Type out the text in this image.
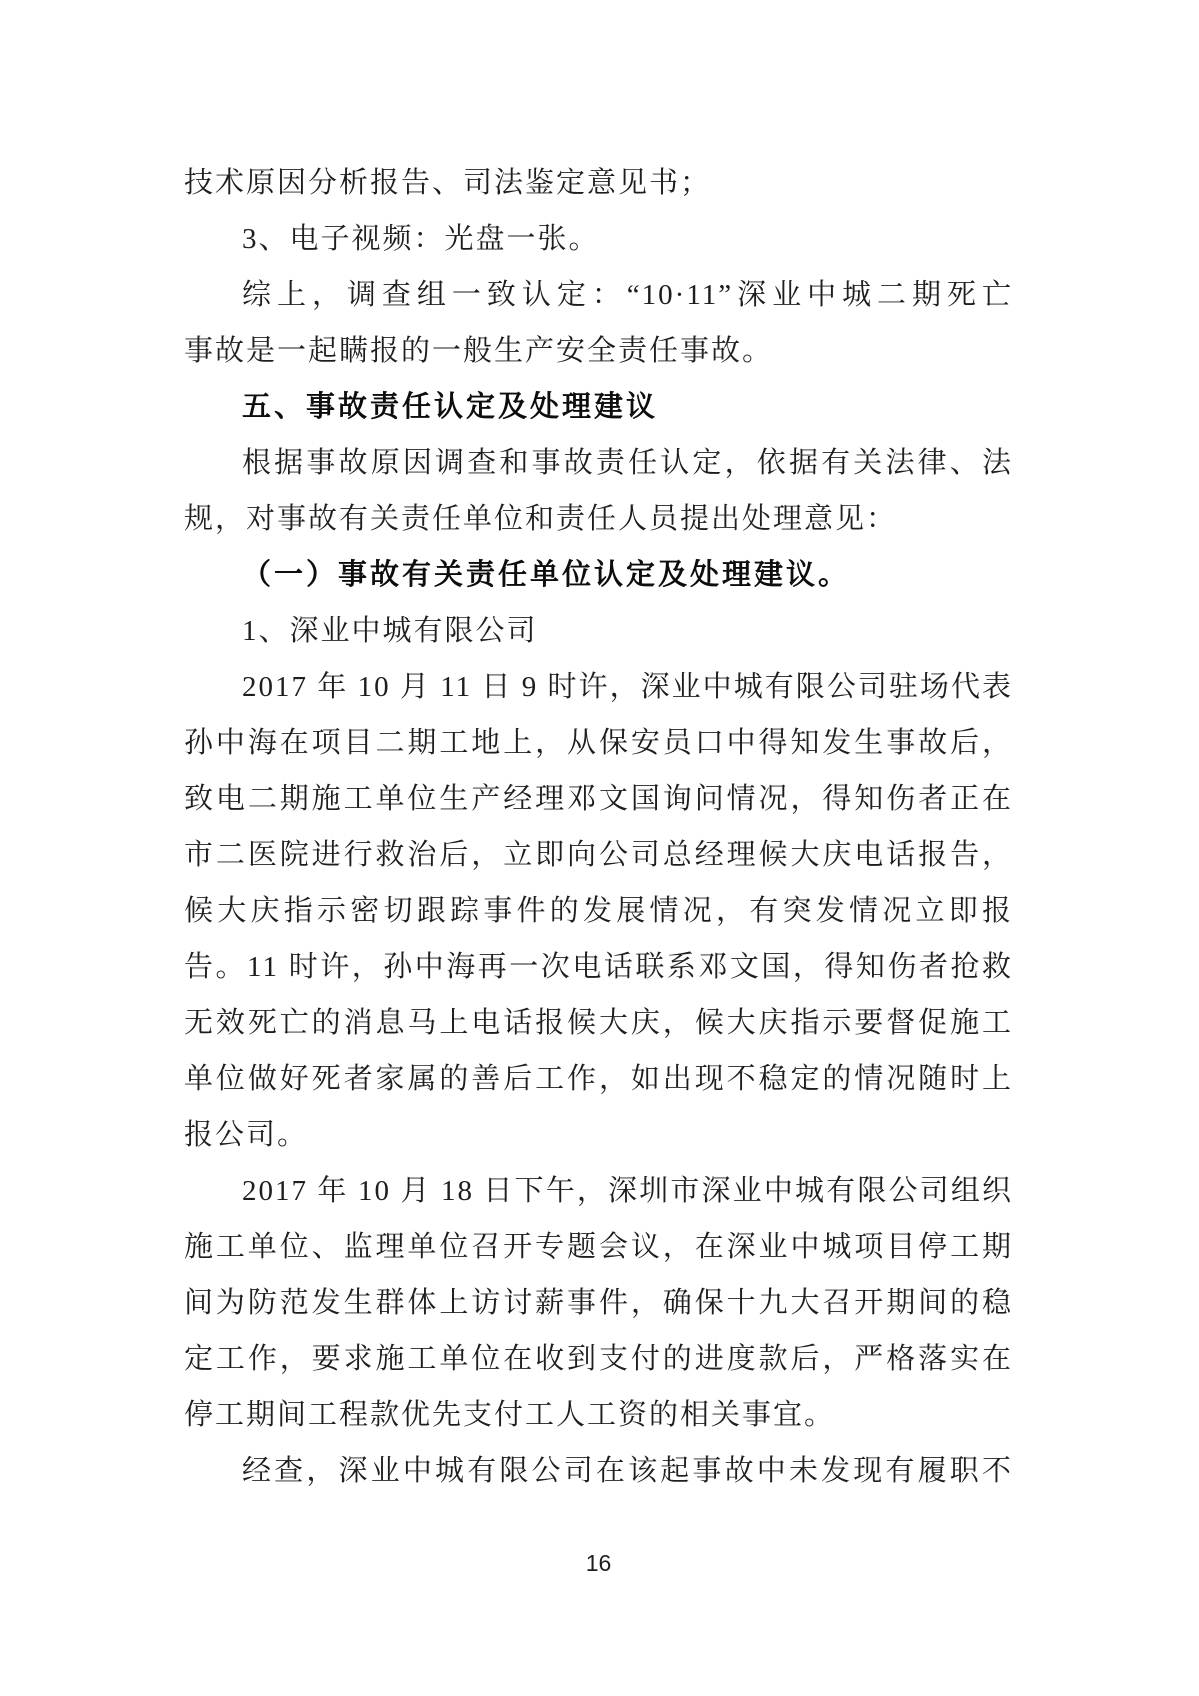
技术原因分析报告、司法鉴定意见书；
3、电子视频：光盘一张。
综上，调查组一致认定：“10·11”深业中城二期死亡
事故是一起瞒报的一般生产安全责任事故。
五、事故责任认定及处理建议
根据事故原因调查和事故责任认定，依据有关法律、法
规，对事故有关责任单位和责任人员提出处理意见：
（一）事故有关责任单位认定及处理建议。
1、深业中城有限公司
2017 年 10 月 11 日 9 时许，深业中城有限公司驻场代表
孙中海在项目二期工地上，从保安员口中得知发生事故后，
致电二期施工单位生产经理邓文国询问情况，得知伤者正在
市二医院进行救治后，立即向公司总经理候大庆电话报告，
候大庆指示密切跟踪事件的发展情况，有突发情况立即报
告。11 时许，孙中海再一次电话联系邓文国，得知伤者抢救
无效死亡的消息马上电话报候大庆，候大庆指示要督促施工
单位做好死者家属的善后工作，如出现不稳定的情况随时上
报公司。
2017 年 10 月 18 日下午，深圳市深业中城有限公司组织
施工单位、监理单位召开专题会议，在深业中城项目停工期
间为防范发生群体上访讨薪事件，确保十九大召开期间的稳
定工作，要求施工单位在收到支付的进度款后，严格落实在
停工期间工程款优先支付工人工资的相关事宜。
经查，深业中城有限公司在该起事故中未发现有履职不
16
